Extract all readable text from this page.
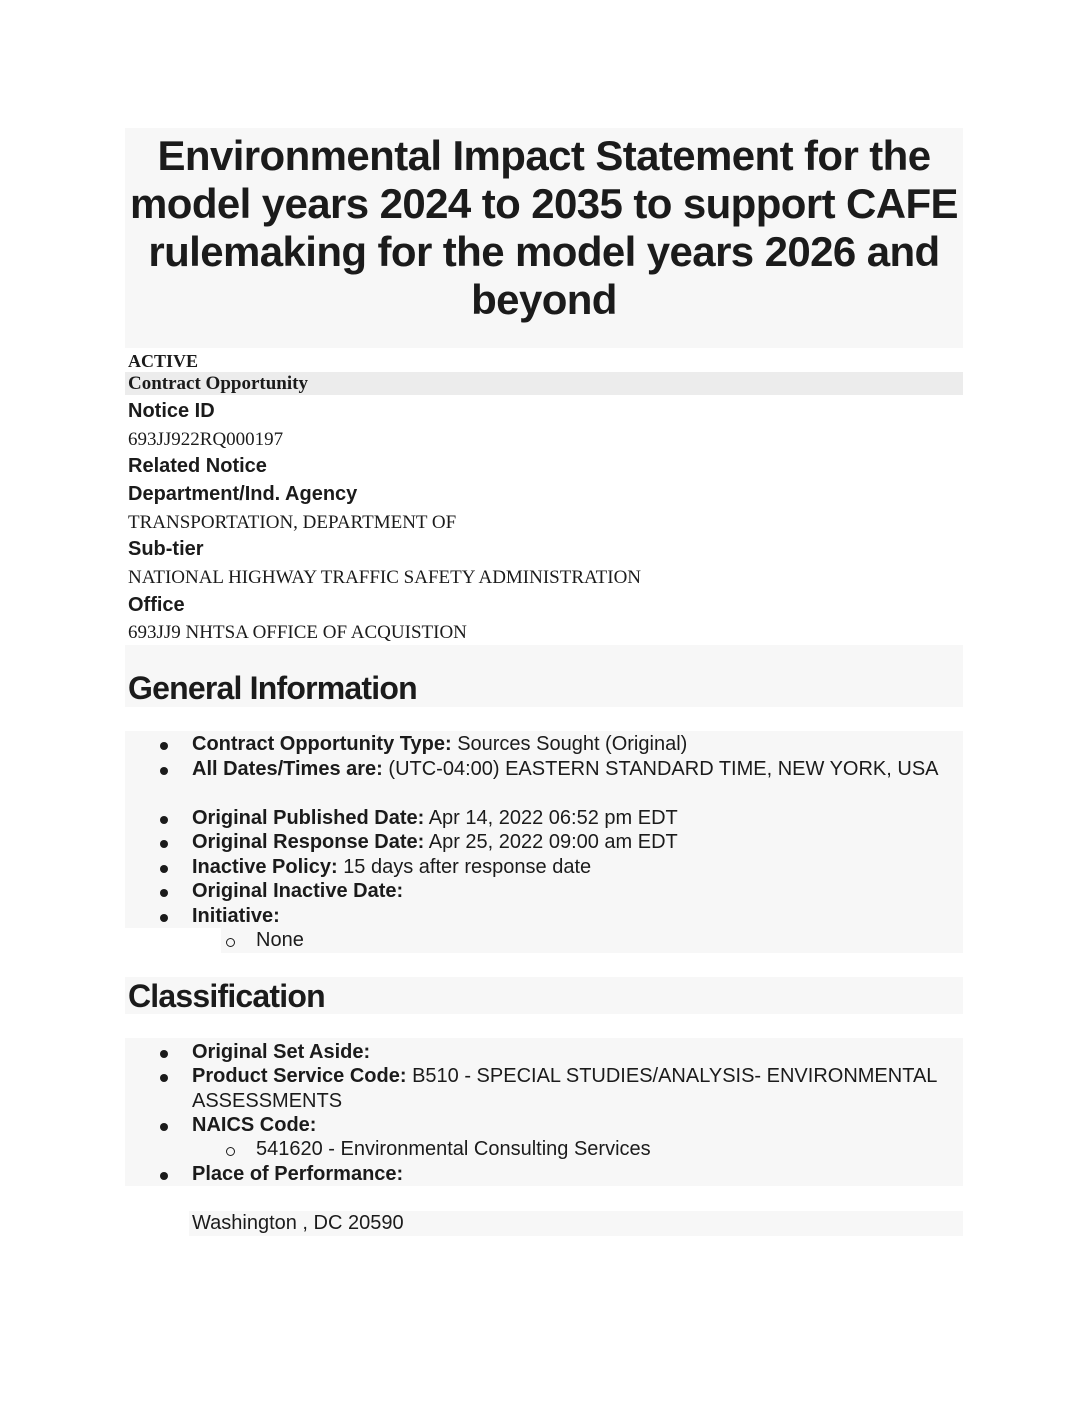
Environmental Impact Statement for the model years 2024 to 2035 to support CAFE rulemaking for the model years 2026 and beyond
ACTIVE
Contract Opportunity
Notice ID
693JJ922RQ000197
Related Notice
Department/Ind. Agency
TRANSPORTATION, DEPARTMENT OF
Sub-tier
NATIONAL HIGHWAY TRAFFIC SAFETY ADMINISTRATION
Office
693JJ9 NHTSA OFFICE OF ACQUISTION
General Information
Contract Opportunity Type: Sources Sought (Original)
All Dates/Times are: (UTC-04:00) EASTERN STANDARD TIME, NEW YORK, USA
Original Published Date: Apr 14, 2022 06:52 pm EDT
Original Response Date: Apr 25, 2022 09:00 am EDT
Inactive Policy: 15 days after response date
Original Inactive Date:
Initiative:
None
Classification
Original Set Aside:
Product Service Code: B510 - SPECIAL STUDIES/ANALYSIS- ENVIRONMENTAL ASSESSMENTS
NAICS Code:
541620 - Environmental Consulting Services
Place of Performance:
Washington , DC 20590
